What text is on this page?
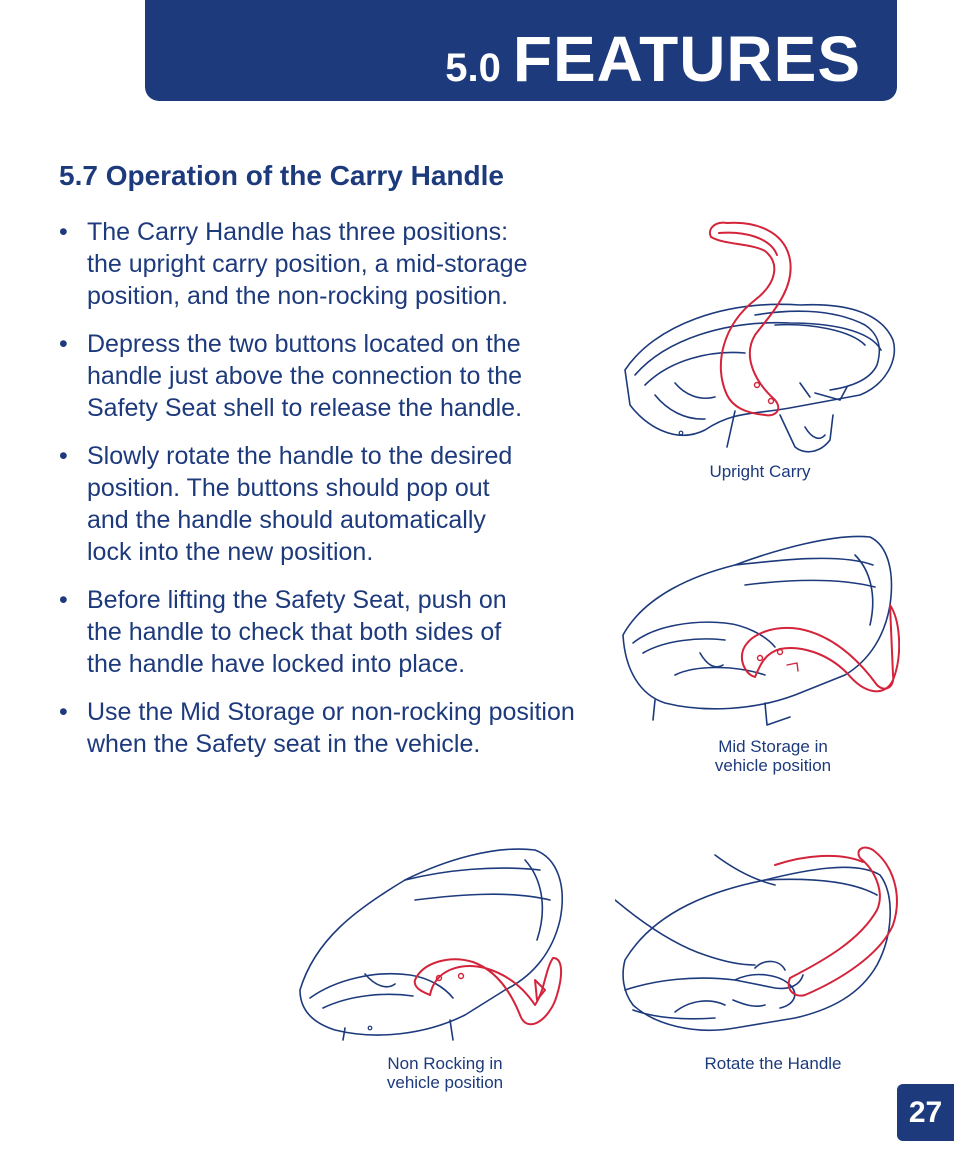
5.0 FEATURES
5.7 Operation of the Carry Handle
• The Carry Handle has three positions:
the upright carry position, a mid-storage
position, and the non-rocking position.
• Depress the two buttons located on the
handle just above the connection to the
Safety Seat shell to release the handle.
• Slowly rotate the handle to the desired
position. The buttons should pop out
and the handle should automatically
lock into the new position.
• Before lifting the Safety Seat, push on
the handle to check that both sides of
the handle have locked into place.
• Use the Mid Storage or non-rocking position
when the Safety seat in the vehicle.
Upright Carry
Mid Storage in
vehicle position
Non Rocking in
vehicle position
Rotate the Handle
27
